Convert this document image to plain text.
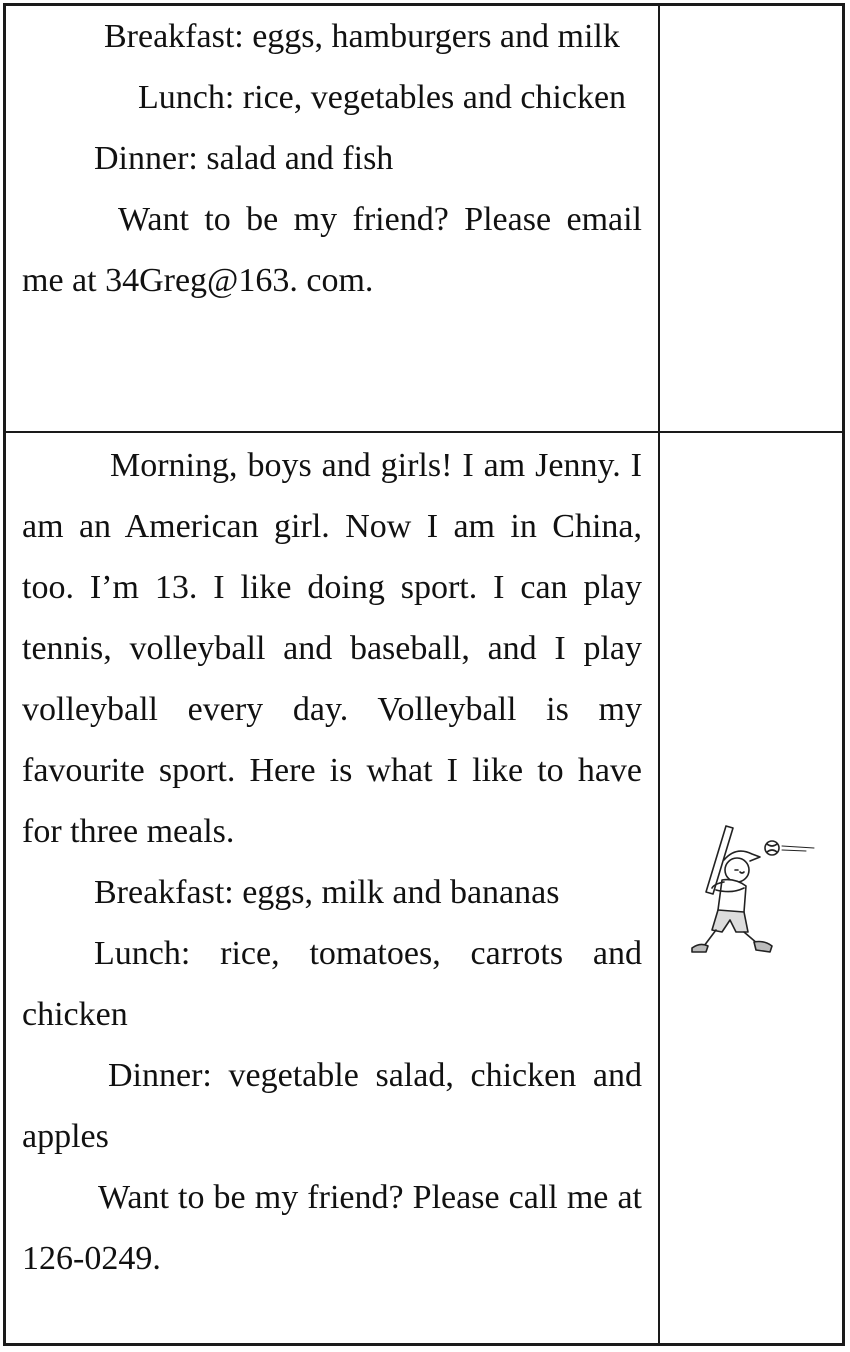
Breakfast: eggs, hamburgers and milk

Lunch: rice, vegetables and chicken

Dinner: salad and fish

Want to be my friend? Please email me at 34Greg@163. com.

Morning, boys and girls! I am Jenny. I am an American girl. Now I am in China, too. I’m 13. I like doing sport. I can play tennis, volleyball and baseball, and I play volleyball every day. Volleyball is my favourite sport. Here is what I like to have for three meals.

Breakfast: eggs, milk and bananas

Lunch: rice, tomatoes, carrots and chicken

Dinner: vegetable salad, chicken and apples

Want to be my friend? Please call me at 126-0249.
